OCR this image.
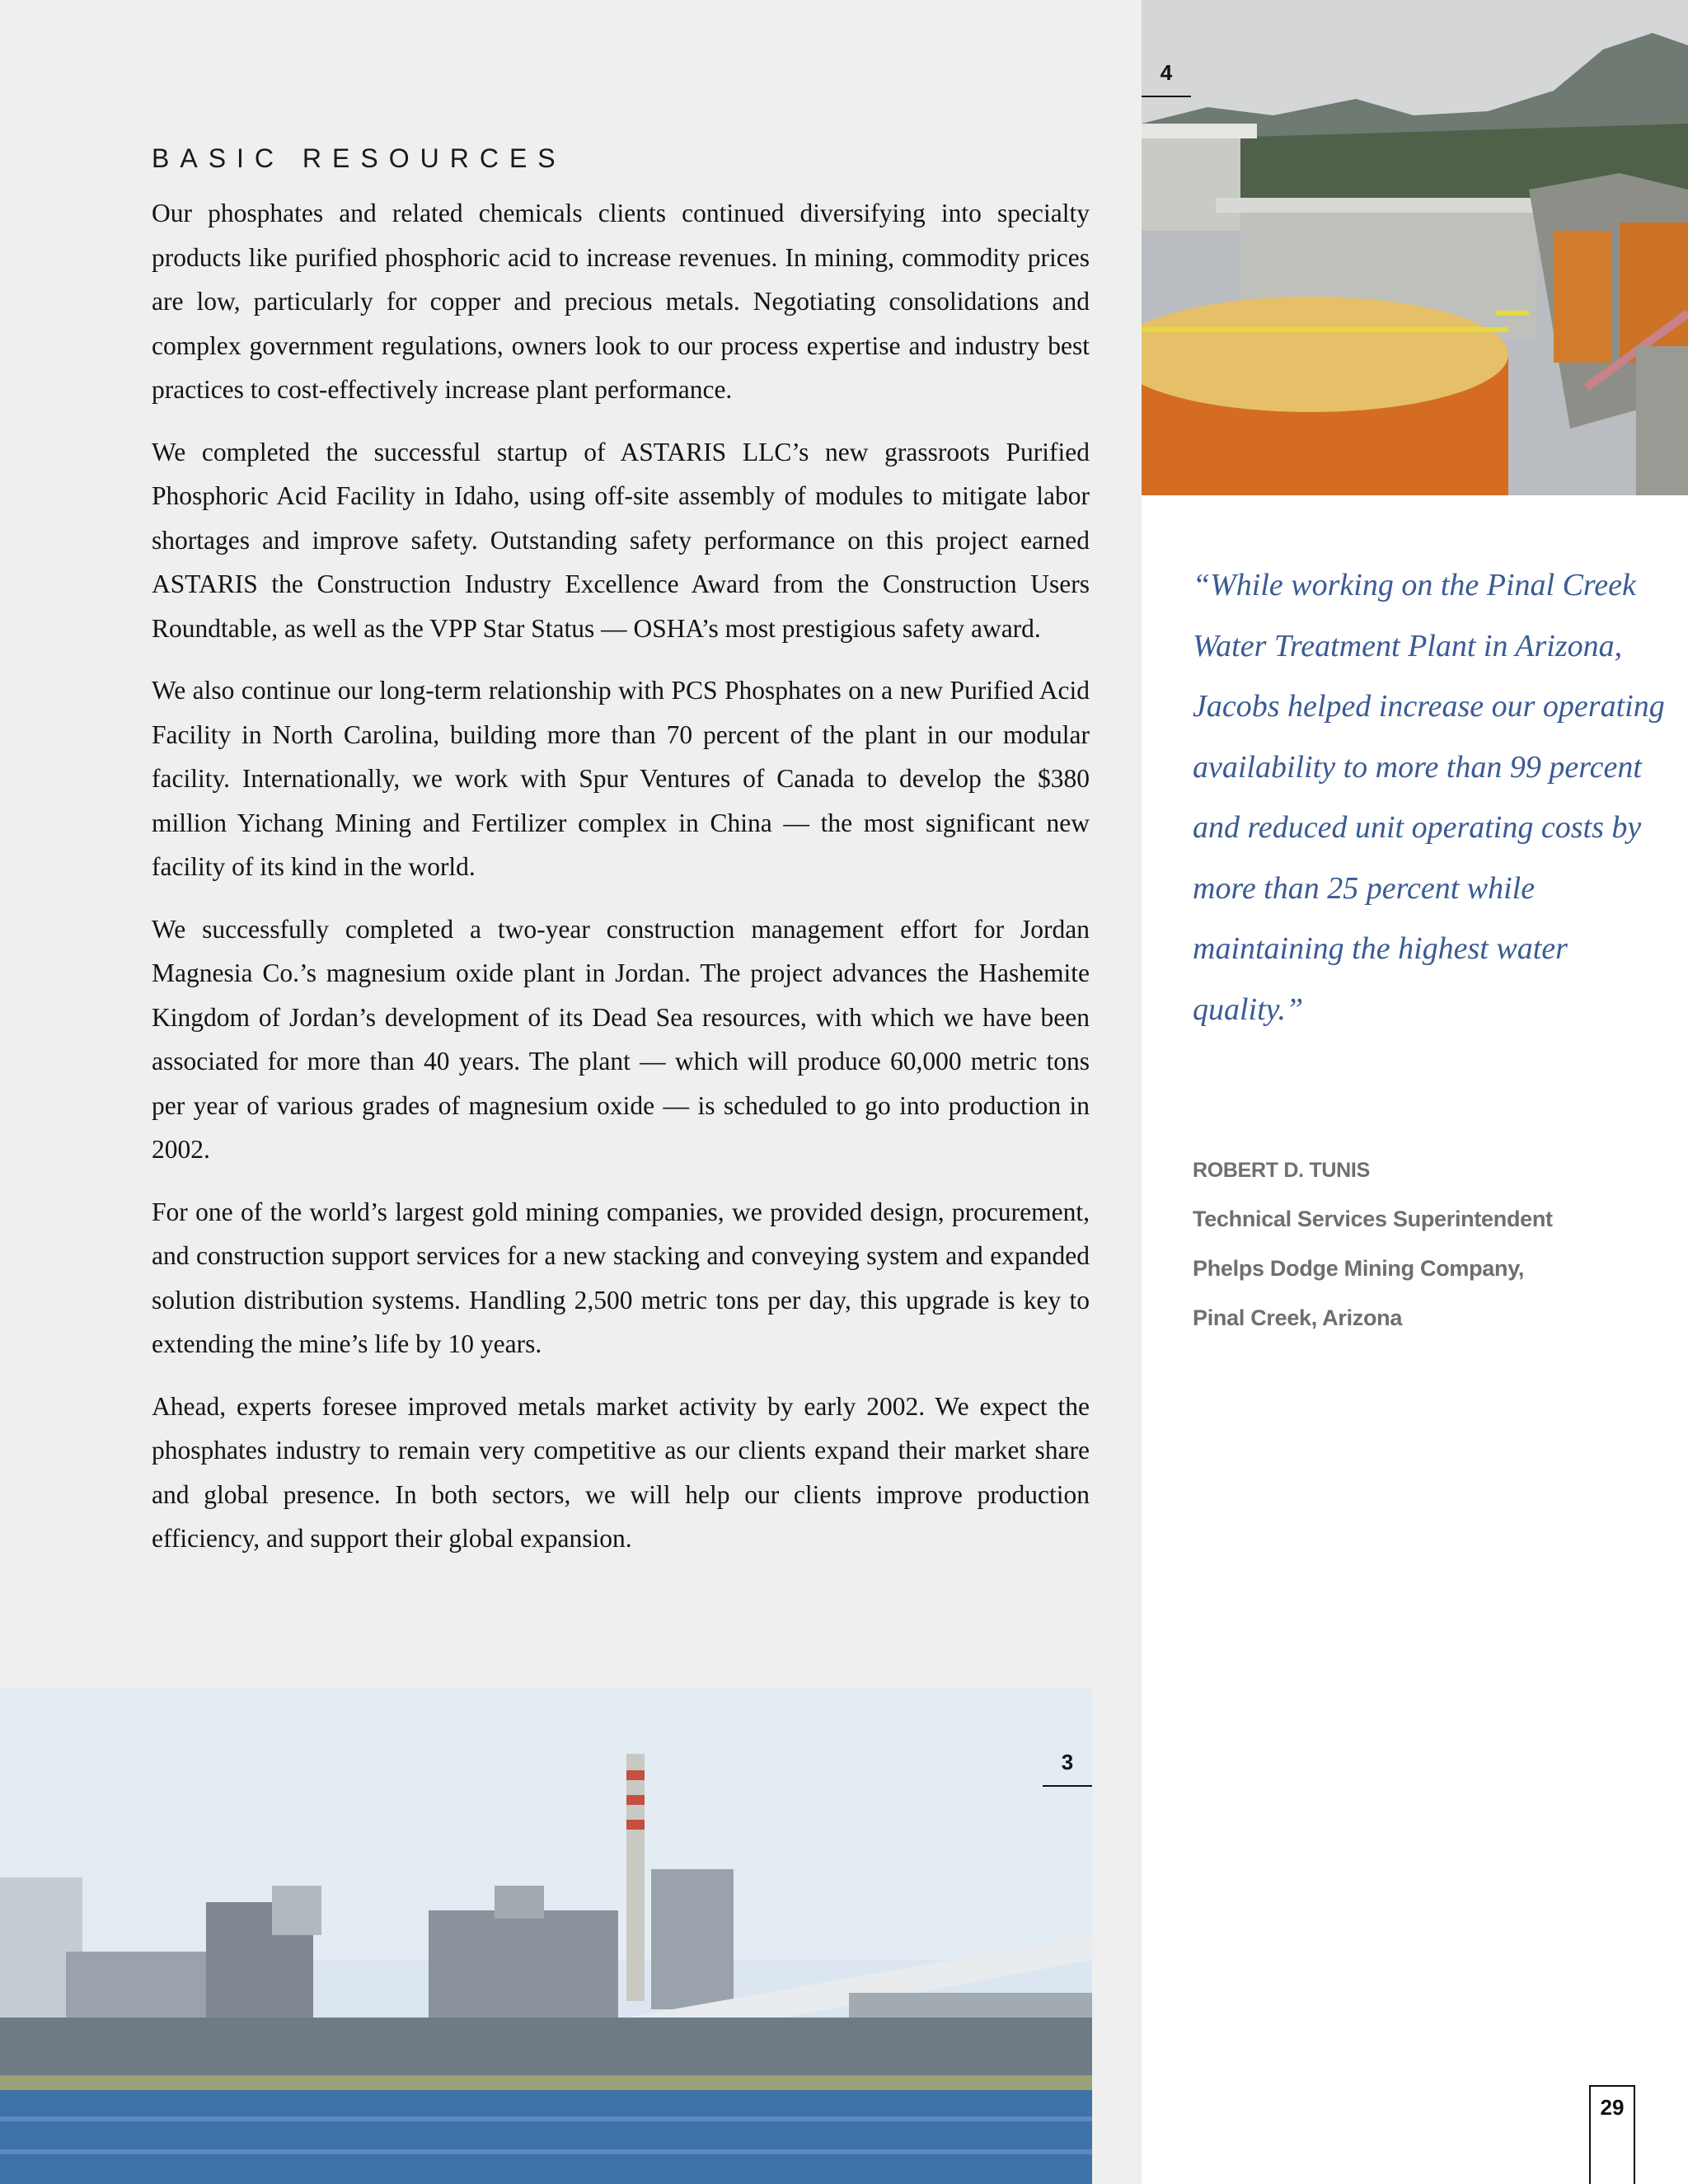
4
BASIC RESOURCES

Our phosphates and related chemicals clients continued diversifying into specialty products like purified phosphoric acid to increase revenues. In mining, commodity prices are low, particularly for copper and precious metals. Negotiating consolidations and complex government regulations, owners look to our process expertise and industry best practices to cost-effectively increase plant performance.

We completed the successful startup of ASTARIS LLC’s new grassroots Purified Phosphoric Acid Facility in Idaho, using off-site assembly of modules to mitigate labor shortages and improve safety. Outstanding safety performance on this project earned ASTARIS the Construction Industry Excellence Award from the Construction Users Roundtable, as well as the VPP Star Status — OSHA’s most prestigious safety award.

We also continue our long-term relationship with PCS Phosphates on a new Purified Acid Facility in North Carolina, building more than 70 percent of the plant in our modular facility. Internationally, we work with Spur Ventures of Canada to develop the $380 million Yichang Mining and Fertilizer complex in China — the most significant new facility of its kind in the world.

We successfully completed a two-year construction management effort for Jordan Magnesia Co.’s magnesium oxide plant in Jordan. The project advances the Hashemite Kingdom of Jordan’s development of its Dead Sea resources, with which we have been associated for more than 40 years. The plant — which will produce 60,000 metric tons per year of various grades of magnesium oxide — is scheduled to go into production in 2002.

For one of the world’s largest gold mining companies, we provided design, procurement, and construction support services for a new stacking and conveying system and expanded solution distribution systems. Handling 2,500 metric tons per day, this upgrade is key to extending the mine’s life by 10 years.

Ahead, experts foresee improved metals market activity by early 2002. We expect the phosphates industry to remain very competitive as our clients expand their market share and global presence. In both sectors, we will help our clients improve production efficiency, and support their global expansion.

“While working on the Pinal Creek Water Treatment Plant in Arizona, Jacobs helped increase our operating availability to more than 99 percent and reduced unit operating costs by more than 25 percent while maintaining the highest water quality.”

ROBERT D. TUNIS
Technical Services Superintendent
Phelps Dodge Mining Company,
Pinal Creek, Arizona
3
29
